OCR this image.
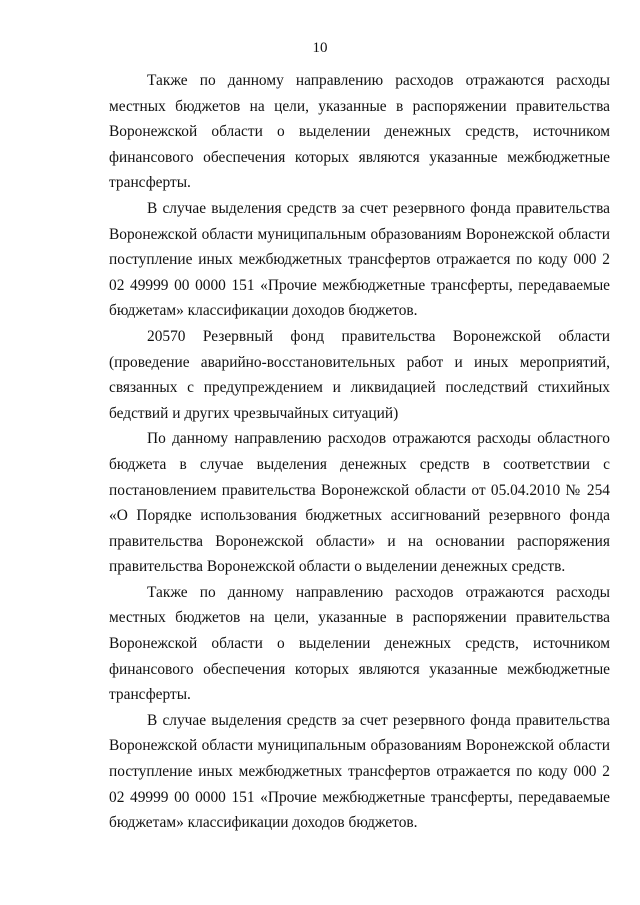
10

Также по данному направлению расходов отражаются расходы местных бюджетов на цели, указанные в распоряжении правительства Воронежской области о выделении денежных средств, источником финансового обеспечения которых являются указанные межбюджетные трансферты.

В случае выделения средств за счет резервного фонда правительства Воронежской области муниципальным образованиям Воронежской области поступление иных межбюджетных трансфертов отражается по коду 000 2 02 49999 00 0000 151 «Прочие межбюджетные трансферты, передаваемые бюджетам» классификации доходов бюджетов.

20570 Резервный фонд правительства Воронежской области (проведение аварийно-восстановительных работ и иных мероприятий, связанных с предупреждением и ликвидацией последствий стихийных бедствий и других чрезвычайных ситуаций)

По данному направлению расходов отражаются расходы областного бюджета в случае выделения денежных средств в соответствии с постановлением правительства Воронежской области от 05.04.2010 № 254 «О Порядке использования бюджетных ассигнований резервного фонда правительства Воронежской области» и на основании распоряжения правительства Воронежской области о выделении денежных средств.

Также по данному направлению расходов отражаются расходы местных бюджетов на цели, указанные в распоряжении правительства Воронежской области о выделении денежных средств, источником финансового обеспечения которых являются указанные межбюджетные трансферты.

В случае выделения средств за счет резервного фонда правительства Воронежской области муниципальным образованиям Воронежской области поступление иных межбюджетных трансфертов отражается по коду 000 2 02 49999 00 0000 151 «Прочие межбюджетные трансферты, передаваемые бюджетам» классификации доходов бюджетов.
